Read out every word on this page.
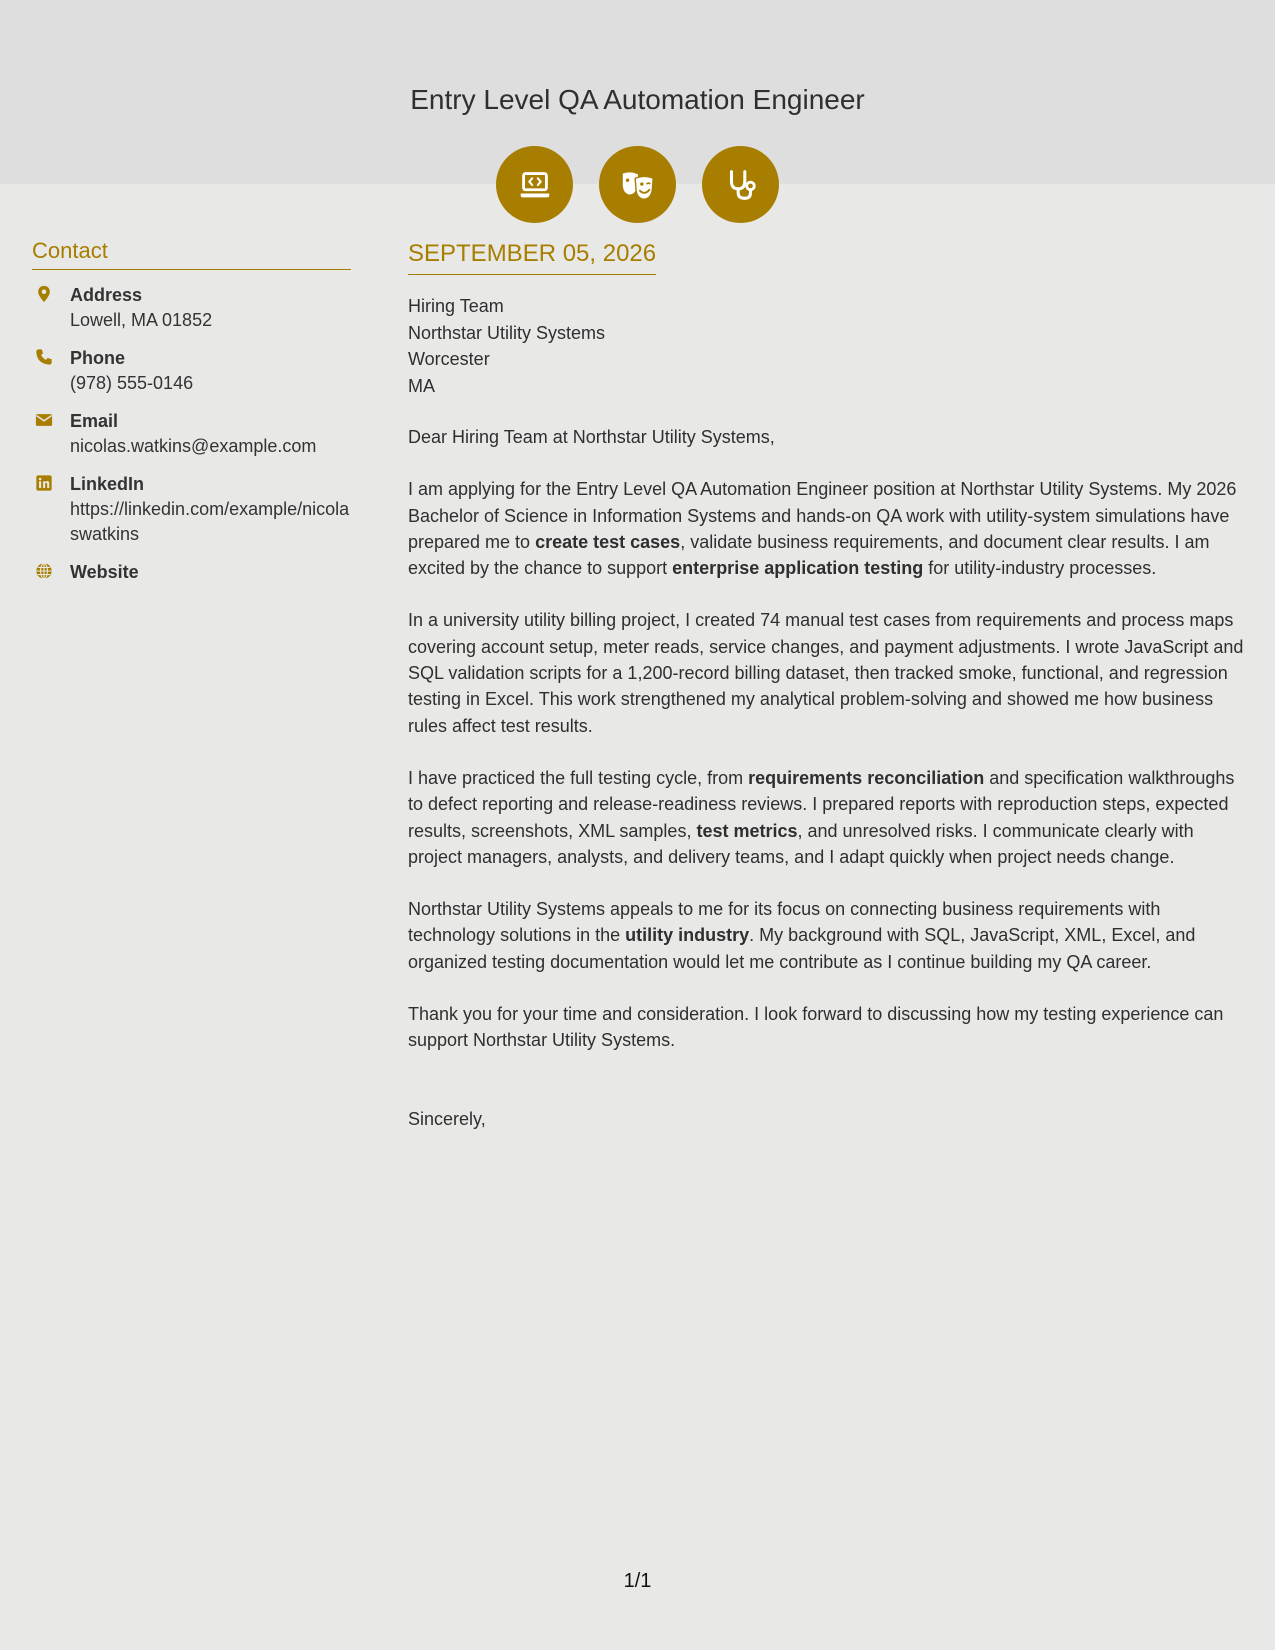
Entry Level QA Automation Engineer
Contact
Address
Lowell, MA 01852
Phone
(978) 555-0146
Email
nicolas.watkins@example.com
LinkedIn
https://linkedin.com/example/nicolaswatkins
Website
SEPTEMBER 05, 2026
Hiring Team
Northstar Utility Systems
Worcester
MA

Dear Hiring Team at Northstar Utility Systems,

I am applying for the Entry Level QA Automation Engineer position at Northstar Utility Systems. My 2026 Bachelor of Science in Information Systems and hands-on QA work with utility-system simulations have prepared me to create test cases, validate business requirements, and document clear results. I am excited by the chance to support enterprise application testing for utility-industry processes.

In a university utility billing project, I created 74 manual test cases from requirements and process maps covering account setup, meter reads, service changes, and payment adjustments. I wrote JavaScript and SQL validation scripts for a 1,200-record billing dataset, then tracked smoke, functional, and regression testing in Excel. This work strengthened my analytical problem-solving and showed me how business rules affect test results.

I have practiced the full testing cycle, from requirements reconciliation and specification walkthroughs to defect reporting and release-readiness reviews. I prepared reports with reproduction steps, expected results, screenshots, XML samples, test metrics, and unresolved risks. I communicate clearly with project managers, analysts, and delivery teams, and I adapt quickly when project needs change.

Northstar Utility Systems appeals to me for its focus on connecting business requirements with technology solutions in the utility industry. My background with SQL, JavaScript, XML, Excel, and organized testing documentation would let me contribute as I continue building my QA career.

Thank you for your time and consideration. I look forward to discussing how my testing experience can support Northstar Utility Systems.

Sincerely,

1/1
